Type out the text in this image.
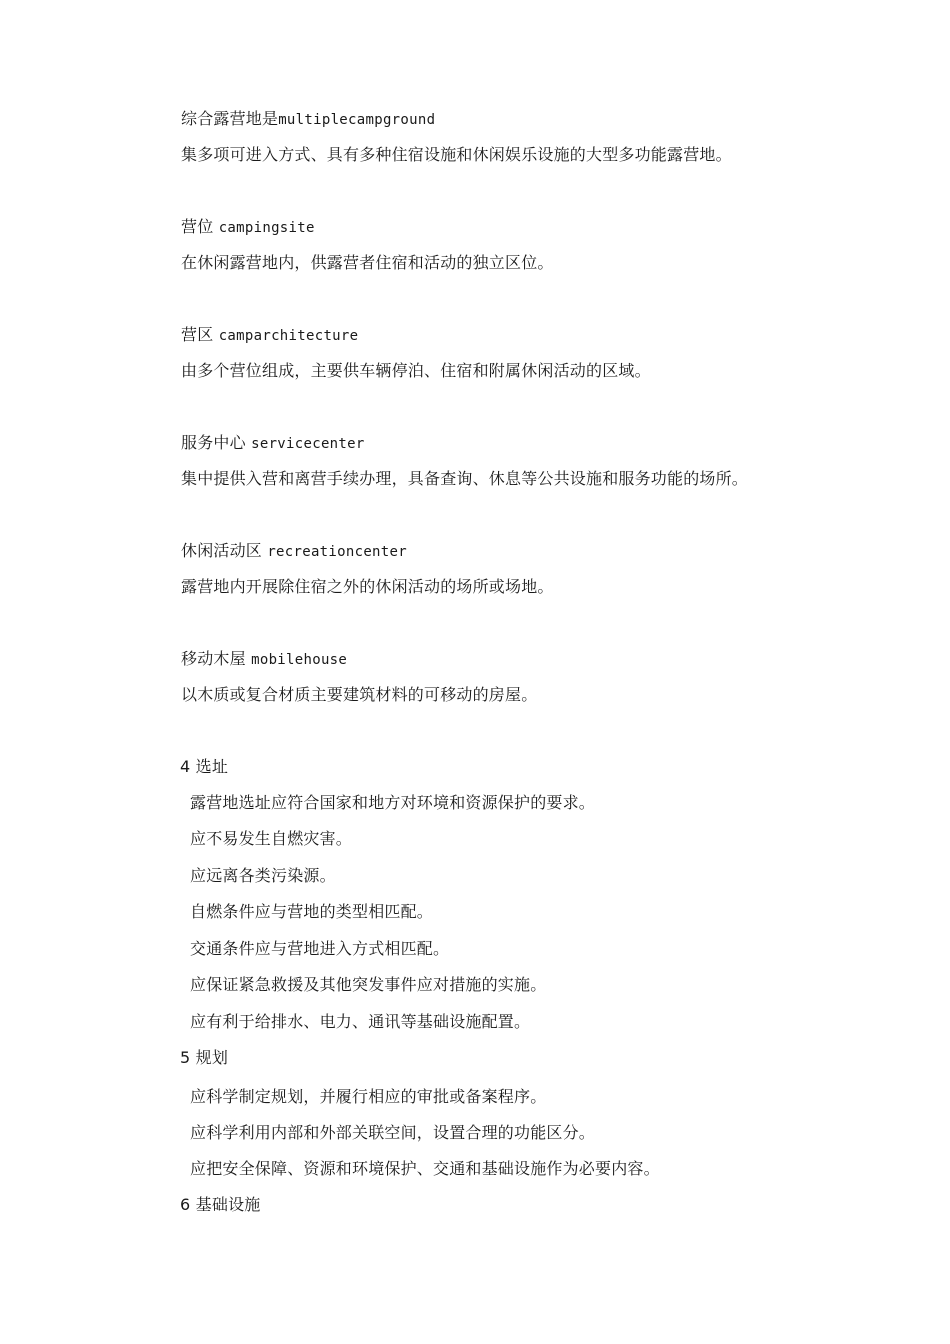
综合露营地是multiplecampground
集多项可进入方式、具有多种住宿设施和休闲娱乐设施的大型多功能露营地。
营位 campingsite
在休闲露营地内，供露营者住宿和活动的独立区位。
营区 camparchitecture
由多个营位组成，主要供车辆停泊、住宿和附属休闲活动的区域。
服务中心 servicecenter
集中提供入营和离营手续办理，具备查询、休息等公共设施和服务功能的场所。
休闲活动区 recreationcenter
露营地内开展除住宿之外的休闲活动的场所或场地。
移动木屋 mobilehouse
以木质或复合材质主要建筑材料的可移动的房屋。
4 选址
露营地选址应符合国家和地方对环境和资源保护的要求。
应不易发生自燃灾害。
应远离各类污染源。
自燃条件应与营地的类型相匹配。
交通条件应与营地进入方式相匹配。
应保证紧急救援及其他突发事件应对措施的实施。
应有利于给排水、电力、通讯等基础设施配置。
5 规划
应科学制定规划，并履行相应的审批或备案程序。
应科学利用内部和外部关联空间，设置合理的功能区分。
应把安全保障、资源和环境保护、交通和基础设施作为必要内容。
6 基础设施
